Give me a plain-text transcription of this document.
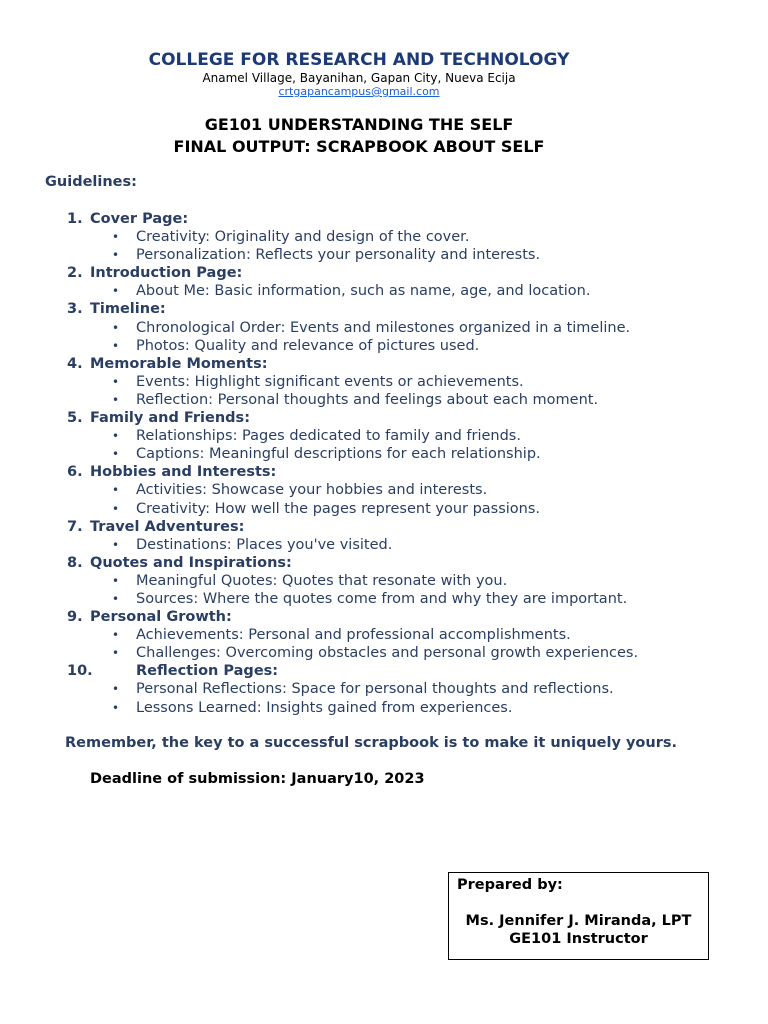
COLLEGE FOR RESEARCH AND TECHNOLOGY
Anamel Village, Bayanihan, Gapan City, Nueva Ecija
crtgapancampus@gmail.com
GE101 UNDERSTANDING THE SELF
FINAL OUTPUT: SCRAPBOOK ABOUT SELF
Guidelines:
1. Cover Page:
• Creativity: Originality and design of the cover.
• Personalization: Reflects your personality and interests.
2. Introduction Page:
• About Me: Basic information, such as name, age, and location.
3. Timeline:
• Chronological Order: Events and milestones organized in a timeline.
• Photos: Quality and relevance of pictures used.
4. Memorable Moments:
• Events: Highlight significant events or achievements.
• Reflection: Personal thoughts and feelings about each moment.
5. Family and Friends:
• Relationships: Pages dedicated to family and friends.
• Captions: Meaningful descriptions for each relationship.
6. Hobbies and Interests:
• Activities: Showcase your hobbies and interests.
• Creativity: How well the pages represent your passions.
7. Travel Adventures:
• Destinations: Places you've visited.
8. Quotes and Inspirations:
• Meaningful Quotes: Quotes that resonate with you.
• Sources: Where the quotes come from and why they are important.
9. Personal Growth:
• Achievements: Personal and professional accomplishments.
• Challenges: Overcoming obstacles and personal growth experiences.
10.	Reflection Pages:
• Personal Reflections: Space for personal thoughts and reflections.
• Lessons Learned: Insights gained from experiences.
Remember, the key to a successful scrapbook is to make it uniquely yours.
Deadline of submission: January10, 2023
Prepared by:
Ms. Jennifer J. Miranda, LPT
GE101 Instructor
